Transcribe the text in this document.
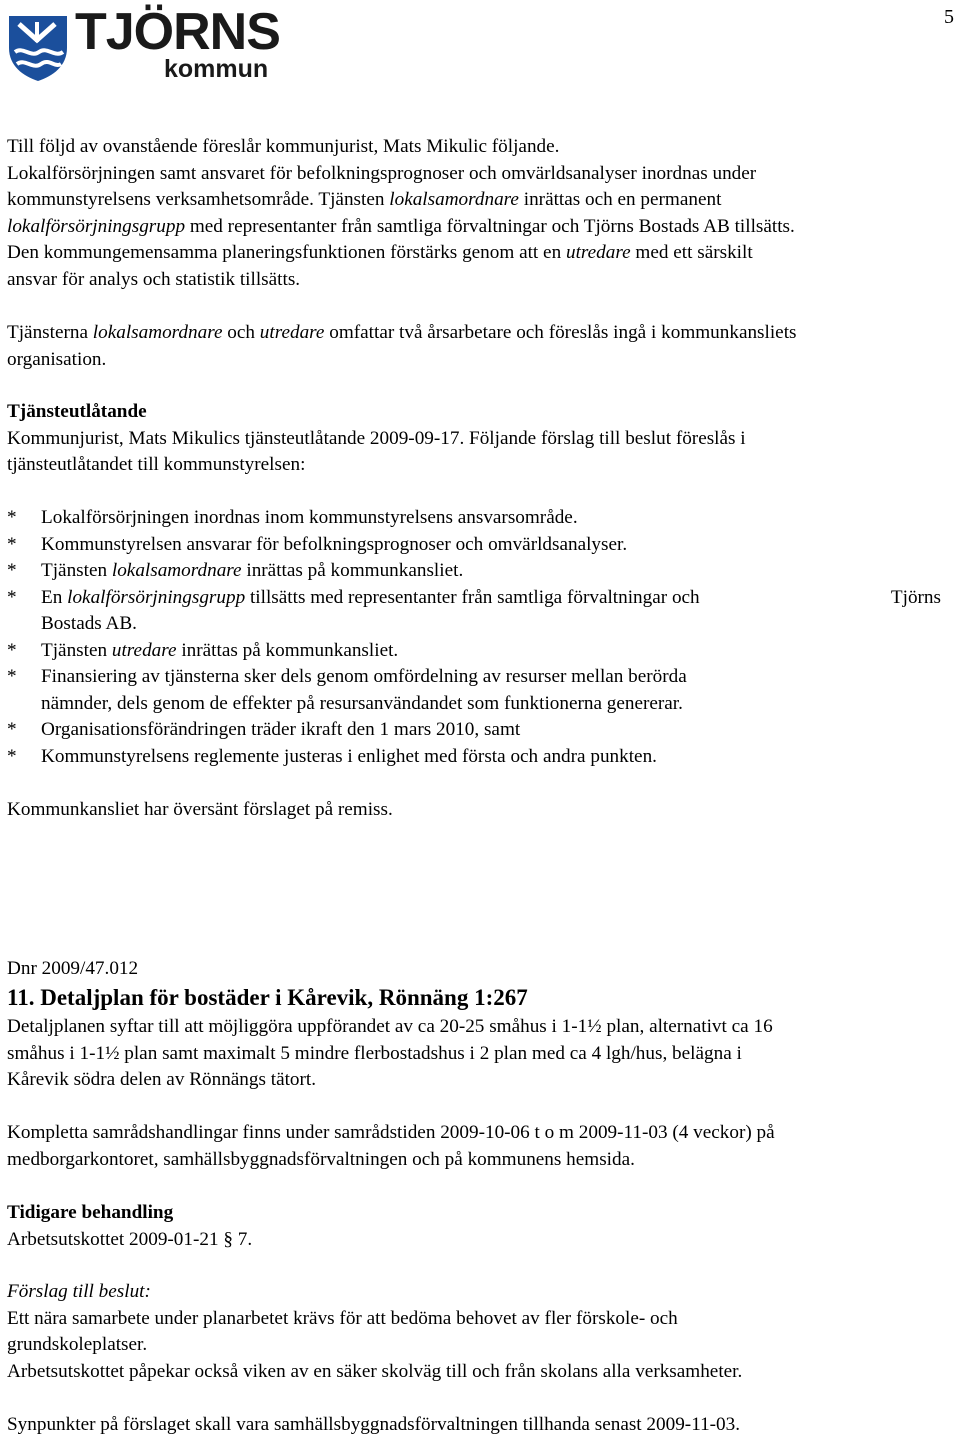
TJÖRNS
kommun
5

Till följd av ovanstående föreslår kommunjurist, Mats Mikulic följande.

Lokalförsörjningen samt ansvaret för befolkningsprognoser och omvärldsanalyser inordnas under

kommunstyrelsens verksamhetsområde. Tjänsten lokalsamordnare inrättas och en permanent

lokalförsörjningsgrupp med representanter från samtliga förvaltningar och Tjörns Bostads AB tillsätts.

Den kommungemensamma planeringsfunktionen förstärks genom att en utredare med ett särskilt

ansvar för analys och statistik tillsätts.

Tjänsterna lokalsamordnare och utredare omfattar två årsarbetare och föreslås ingå i kommunkansliets

organisation.

Tjänsteutlåtande

Kommunjurist, Mats Mikulics tjänsteutlåtande 2009-09-17. Följande förslag till beslut föreslås i

tjänsteutlåtandet till kommunstyrelsen:

* Lokalförsörjningen inordnas inom kommunstyrelsens ansvarsområde.
* Kommunstyrelsen ansvarar för befolkningsprognoser och omvärldsanalyser.
* Tjänsten lokalsamordnare inrättas på kommunkansliet.
* En lokalförsörjningsgrupp tillsätts med representanter från samtliga förvaltningar och	Tjörns
Bostads AB.
* Tjänsten utredare inrättas på kommunkansliet.
* Finansiering av tjänsterna sker dels genom omfördelning av resurser mellan berörda
nämnder, dels genom de effekter på resursanvändandet som funktionerna genererar.
* Organisationsförändringen träder ikraft den 1 mars 2010, samt
* Kommunstyrelsens reglemente justeras i enlighet med första och andra punkten.
Kommunkansliet har översänt förslaget på remiss.
Dnr 2009/47.012
11. Detaljplan för bostäder i Kårevik, Rönnäng 1:267

Detaljplanen syftar till att möjliggöra uppförandet av ca 20-25 småhus i 1-1½ plan, alternativt ca 16

småhus i 1-1½ plan samt maximalt 5 mindre flerbostadshus i 2 plan med ca 4 lgh/hus, belägna i

Kårevik södra delen av Rönnängs tätort.

Kompletta samrådshandlingar finns under samrådstiden 2009-10-06 t o m 2009-11-03 (4 veckor) på

medborgarkontoret, samhällsbyggnadsförvaltningen och på kommunens hemsida.

Tidigare behandling

Arbetsutskottet 2009-01-21 § 7.

Förslag till beslut:

Ett nära samarbete under planarbetet krävs för att bedöma behovet av fler förskole- och

grundskoleplatser.

Arbetsutskottet påpekar också viken av en säker skolväg till och från skolans alla verksamheter.

Synpunkter på förslaget skall vara samhällsbyggnadsförvaltningen tillhanda senast 2009-11-03.
